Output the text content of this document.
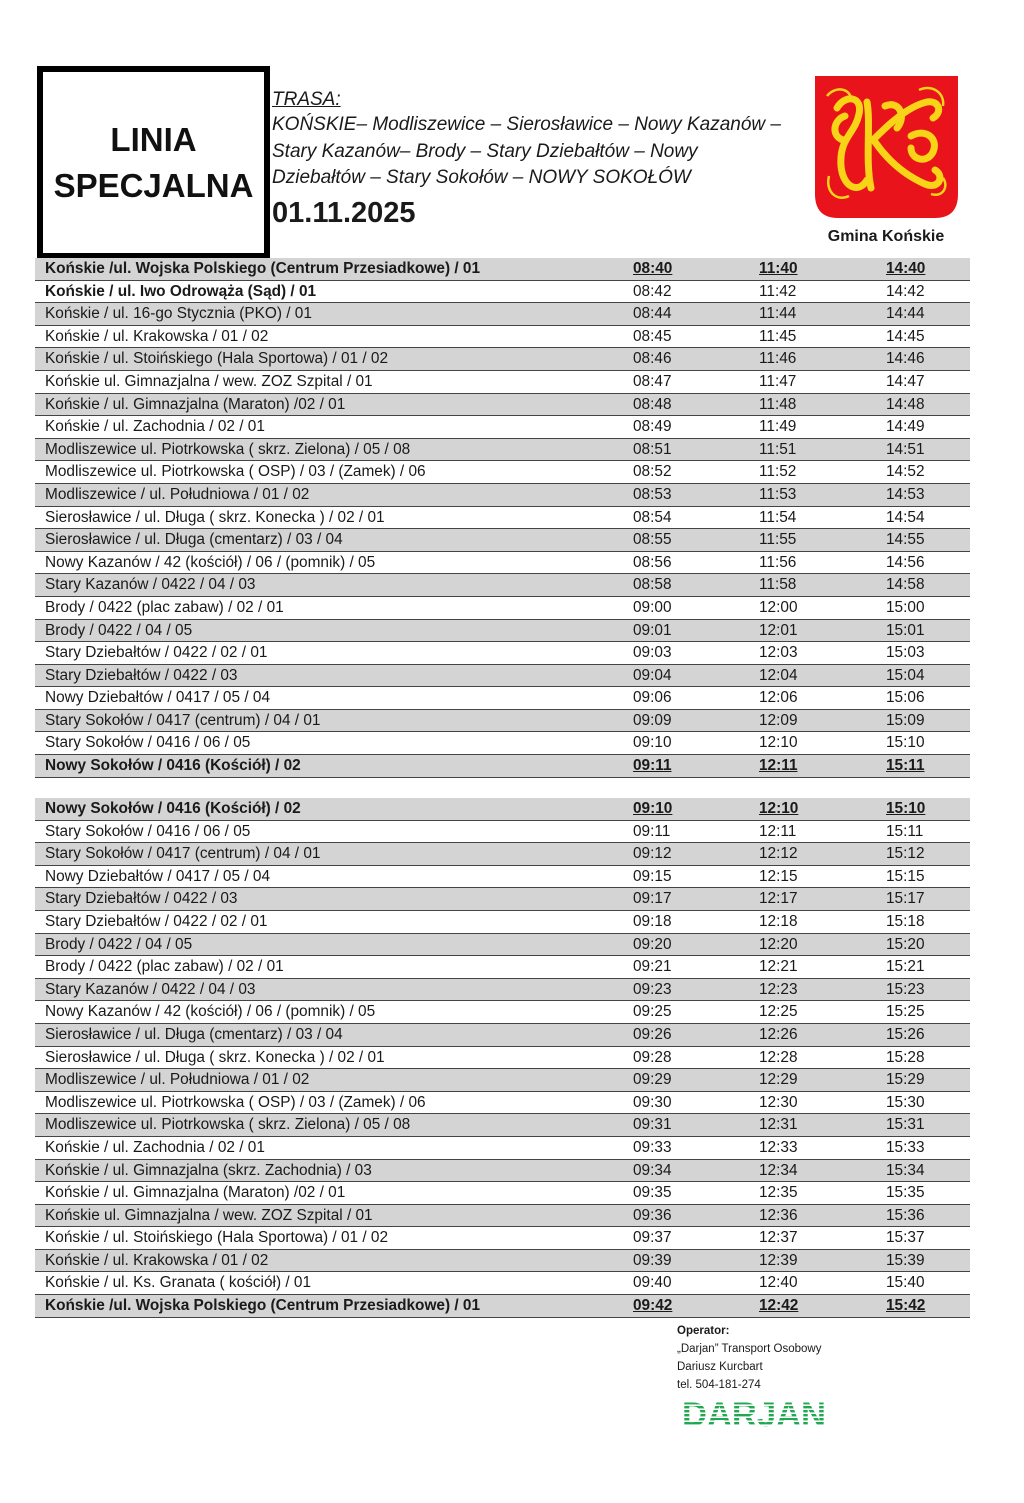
LINIA
SPECJALNA
TRASA:
KOŃSKIE– Modliszewice – Sierosławice – Nowy Kazanów –
Stary Kazanów– Brody – Stary Dziebałtów – Nowy
Dziebałtów – Stary Sokołów – NOWY SOKOŁÓW
01.11.2025
Gmina Końskie
Końskie /ul. Wojska Polskiego (Centrum Przesiadkowe) / 01	08:40	11:40	14:40
Końskie / ul. Iwo Odrowąża (Sąd) / 01	08:42	11:42	14:42
Końskie / ul. 16-go Stycznia (PKO) / 01	08:44	11:44	14:44
Końskie / ul. Krakowska / 01 / 02	08:45	11:45	14:45
Końskie / ul. Stoińskiego (Hala Sportowa) / 01 / 02	08:46	11:46	14:46
Końskie ul. Gimnazjalna / wew. ZOZ Szpital / 01	08:47	11:47	14:47
Końskie / ul. Gimnazjalna (Maraton) /02 / 01	08:48	11:48	14:48
Końskie / ul. Zachodnia / 02 / 01	08:49	11:49	14:49
Modliszewice ul. Piotrkowska ( skrz. Zielona) / 05 / 08	08:51	11:51	14:51
Modliszewice ul. Piotrkowska ( OSP) / 03 / (Zamek) / 06	08:52	11:52	14:52
Modliszewice / ul. Południowa / 01 / 02	08:53	11:53	14:53
Sierosławice / ul. Długa ( skrz. Konecka ) / 02 / 01	08:54	11:54	14:54
Sierosławice / ul. Długa (cmentarz) / 03 / 04	08:55	11:55	14:55
Nowy Kazanów / 42 (kościół) / 06 / (pomnik) / 05	08:56	11:56	14:56
Stary Kazanów / 0422 / 04 / 03	08:58	11:58	14:58
Brody / 0422 (plac zabaw) / 02 / 01	09:00	12:00	15:00
Brody / 0422 / 04 / 05	09:01	12:01	15:01
Stary Dziebałtów / 0422 / 02 / 01	09:03	12:03	15:03
Stary Dziebałtów / 0422 / 03	09:04	12:04	15:04
Nowy Dziebałtów / 0417 / 05 / 04	09:06	12:06	15:06
Stary Sokołów / 0417 (centrum) / 04 / 01	09:09	12:09	15:09
Stary Sokołów / 0416 / 06 / 05	09:10	12:10	15:10
Nowy Sokołów / 0416 (Kościół) / 02	09:11	12:11	15:11
Nowy Sokołów / 0416 (Kościół) / 02	09:10	12:10	15:10
Stary Sokołów / 0416 / 06 / 05	09:11	12:11	15:11
Stary Sokołów / 0417 (centrum) / 04 / 01	09:12	12:12	15:12
Nowy Dziebałtów / 0417 / 05 / 04	09:15	12:15	15:15
Stary Dziebałtów / 0422 / 03	09:17	12:17	15:17
Stary Dziebałtów / 0422 / 02 / 01	09:18	12:18	15:18
Brody / 0422 / 04 / 05	09:20	12:20	15:20
Brody / 0422 (plac zabaw) / 02 / 01	09:21	12:21	15:21
Stary Kazanów / 0422 / 04 / 03	09:23	12:23	15:23
Nowy Kazanów / 42 (kościół) / 06 / (pomnik) / 05	09:25	12:25	15:25
Sierosławice / ul. Długa (cmentarz) / 03 / 04	09:26	12:26	15:26
Sierosławice / ul. Długa ( skrz. Konecka ) / 02 / 01	09:28	12:28	15:28
Modliszewice / ul. Południowa / 01 / 02	09:29	12:29	15:29
Modliszewice ul. Piotrkowska ( OSP) / 03 / (Zamek) / 06	09:30	12:30	15:30
Modliszewice ul. Piotrkowska ( skrz. Zielona) / 05 / 08	09:31	12:31	15:31
Końskie / ul. Zachodnia / 02 / 01	09:33	12:33	15:33
Końskie / ul. Gimnazjalna (skrz. Zachodnia) / 03	09:34	12:34	15:34
Końskie / ul. Gimnazjalna (Maraton) /02 / 01	09:35	12:35	15:35
Końskie ul. Gimnazjalna / wew. ZOZ Szpital / 01	09:36	12:36	15:36
Końskie / ul. Stoińskiego (Hala Sportowa) / 01 / 02	09:37	12:37	15:37
Końskie / ul. Krakowska / 01 / 02	09:39	12:39	15:39
Końskie / ul. Ks. Granata ( kościół) / 01	09:40	12:40	15:40
Końskie /ul. Wojska Polskiego (Centrum Przesiadkowe) / 01	09:42	12:42	15:42
Operator:
„Darjan” Transport Osobowy
Dariusz Kurcbart
tel. 504-181-274
DARJAN
